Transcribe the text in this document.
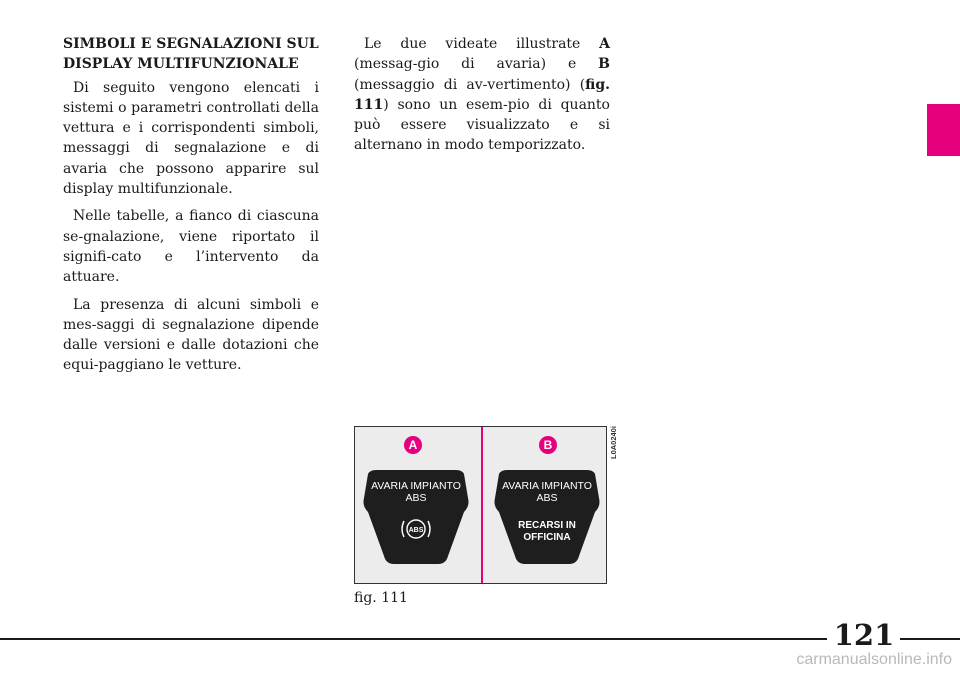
SIMBOLI E SEGNALAZIONI SUL
DISPLAY MULTIFUNZIONALE

Di seguito vengono elencati i sistemi o parametri controllati della vettura e i corrispondenti simboli, messaggi di segnalazione e di avaria che possono apparire sul display multifunzionale.

Nelle tabelle, a fianco di ciascuna se-gnalazione, viene riportato il signifi-cato e l’intervento da attuare.

La presenza di alcuni simboli e mes-saggi di segnalazione dipende dalle versioni e dalle dotazioni che equi-paggiano le vetture.

Le due videate illustrate A (messag-gio di avaria) e B (messaggio di av-vertimento) (fig. 111) sono un esem-pio di quanto può essere visualizzato e si alternano in modo temporizzato.

A	B
AVARIA IMPIANTO
ABS
ABS
AVARIA IMPIANTO
ABS
RECARSI IN
OFFICINA
L0A0240i
fig. 111
121
carmanualsonline.info
